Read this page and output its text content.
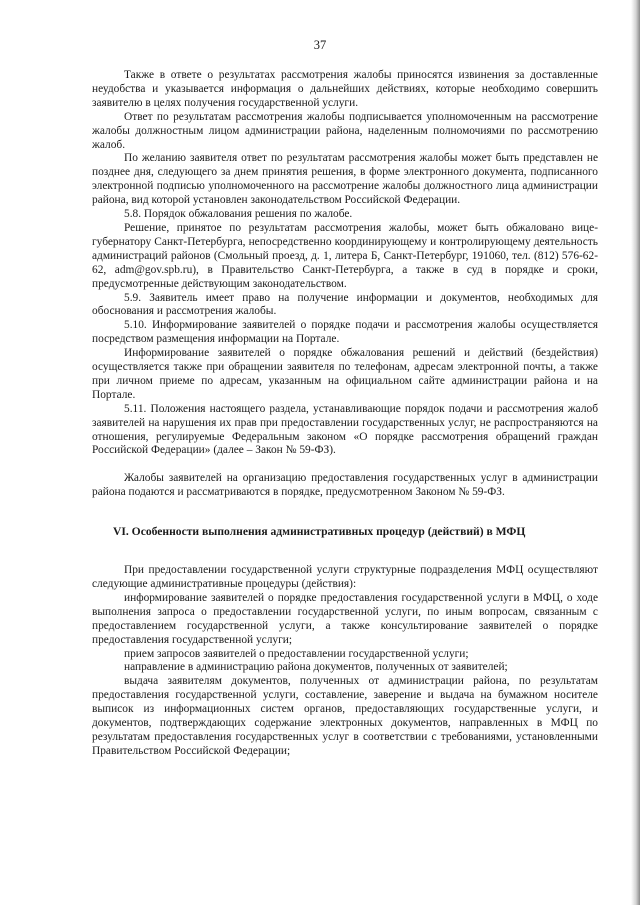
37

Также в ответе о результатах рассмотрения жалобы приносятся извинения за доставленные неудобства и указывается информация о дальнейших действиях, которые необходимо совершить заявителю в целях получения государственной услуги.

Ответ по результатам рассмотрения жалобы подписывается уполномоченным на рассмотрение жалобы должностным лицом администрации района, наделенным полномочиями по рассмотрению жалоб.

По желанию заявителя ответ по результатам рассмотрения жалобы может быть представлен не позднее дня, следующего за днем принятия решения, в форме электронного документа, подписанного электронной подписью уполномоченного на рассмотрение жалобы должностного лица администрации района, вид которой установлен законодательством Российской Федерации.

5.8. Порядок обжалования решения по жалобе.

Решение, принятое по результатам рассмотрения жалобы, может быть обжаловано вице-губернатору Санкт-Петербурга, непосредственно координирующему и контролирующему деятельность администраций районов (Смольный проезд, д. 1, литера Б, Санкт-Петербург, 191060, тел. (812) 576-62-62, adm@gov.spb.ru), в Правительство Санкт-Петербурга, а также в суд в порядке и сроки, предусмотренные действующим законодательством.

5.9. Заявитель имеет право на получение информации и документов, необходимых для обоснования и рассмотрения жалобы.

5.10. Информирование заявителей о порядке подачи и рассмотрения жалобы осуществляется посредством размещения информации на Портале.

Информирование заявителей о порядке обжалования решений и действий (бездействия) осуществляется также при обращении заявителя по телефонам, адресам электронной почты, а также при личном приеме по адресам, указанным на официальном сайте администрации района и на Портале.

5.11. Положения настоящего раздела, устанавливающие порядок подачи и рассмотрения жалоб заявителей на нарушения их прав при предоставлении государственных услуг, не распространяются на отношения, регулируемые Федеральным законом «О порядке рассмотрения обращений граждан Российской Федерации» (далее – Закон № 59-ФЗ).

Жалобы заявителей на организацию предоставления государственных услуг в администрации района подаются и рассматриваются в порядке, предусмотренном Законом № 59-ФЗ.

VI. Особенности выполнения административных процедур (действий) в МФЦ

При предоставлении государственной услуги структурные подразделения МФЦ осуществляют следующие административные процедуры (действия):

информирование заявителей о порядке предоставления государственной услуги в МФЦ, о ходе выполнения запроса о предоставлении государственной услуги, по иным вопросам, связанным с предоставлением государственной услуги, а также консультирование заявителей о порядке предоставления государственной услуги;

прием запросов заявителей о предоставлении государственной услуги;

направление в администрацию района документов, полученных от заявителей;

выдача заявителям документов, полученных от администрации района, по результатам предоставления государственной услуги, составление, заверение и выдача на бумажном носителе выписок из информационных систем органов, предоставляющих государственные услуги, и документов, подтверждающих содержание электронных документов, направленных в МФЦ по результатам предоставления государственных услуг в соответствии с требованиями, установленными Правительством Российской Федерации;
